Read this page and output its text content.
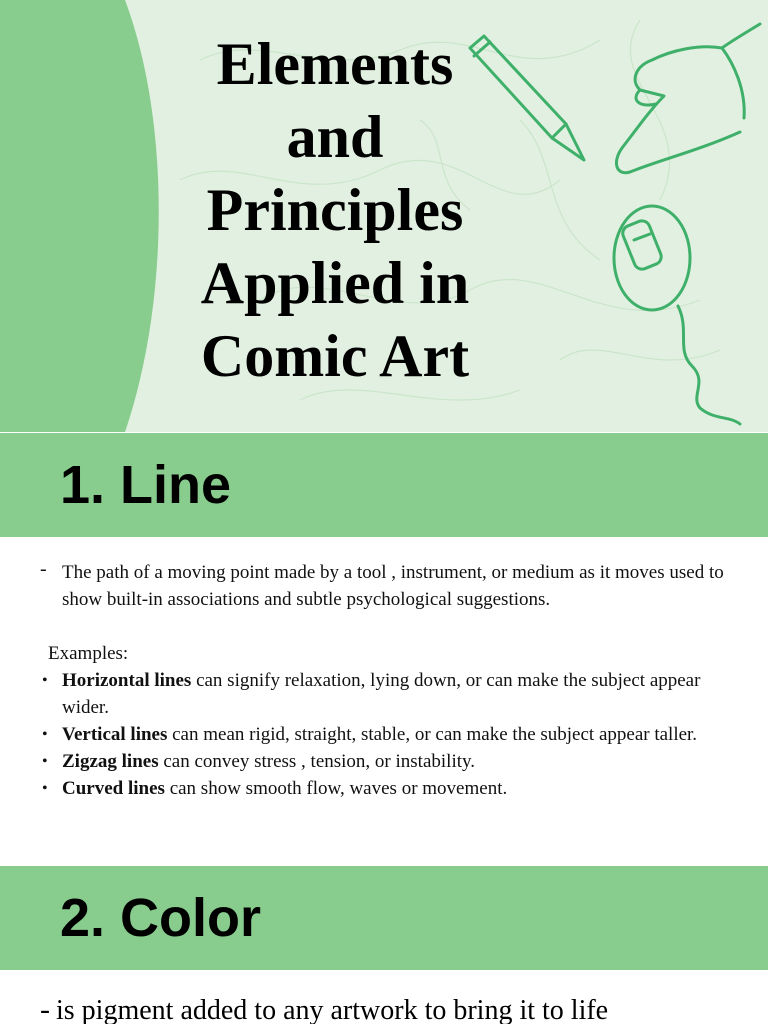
Elements
and
Principles
Applied in
Comic Art
1. Line
- The path of a moving point made by a tool , instrument, or medium as it moves used to show built-in associations and subtle psychological suggestions.
Examples:
• Horizontal lines can signify relaxation, lying down, or can make the subject appear wider.
• Vertical lines can mean rigid, straight, stable, or can make the subject appear taller.
• Zigzag lines can convey stress , tension, or instability.
• Curved lines can show smooth flow, waves or movement.
2. Color
- is pigment added to any artwork to bring it to life
